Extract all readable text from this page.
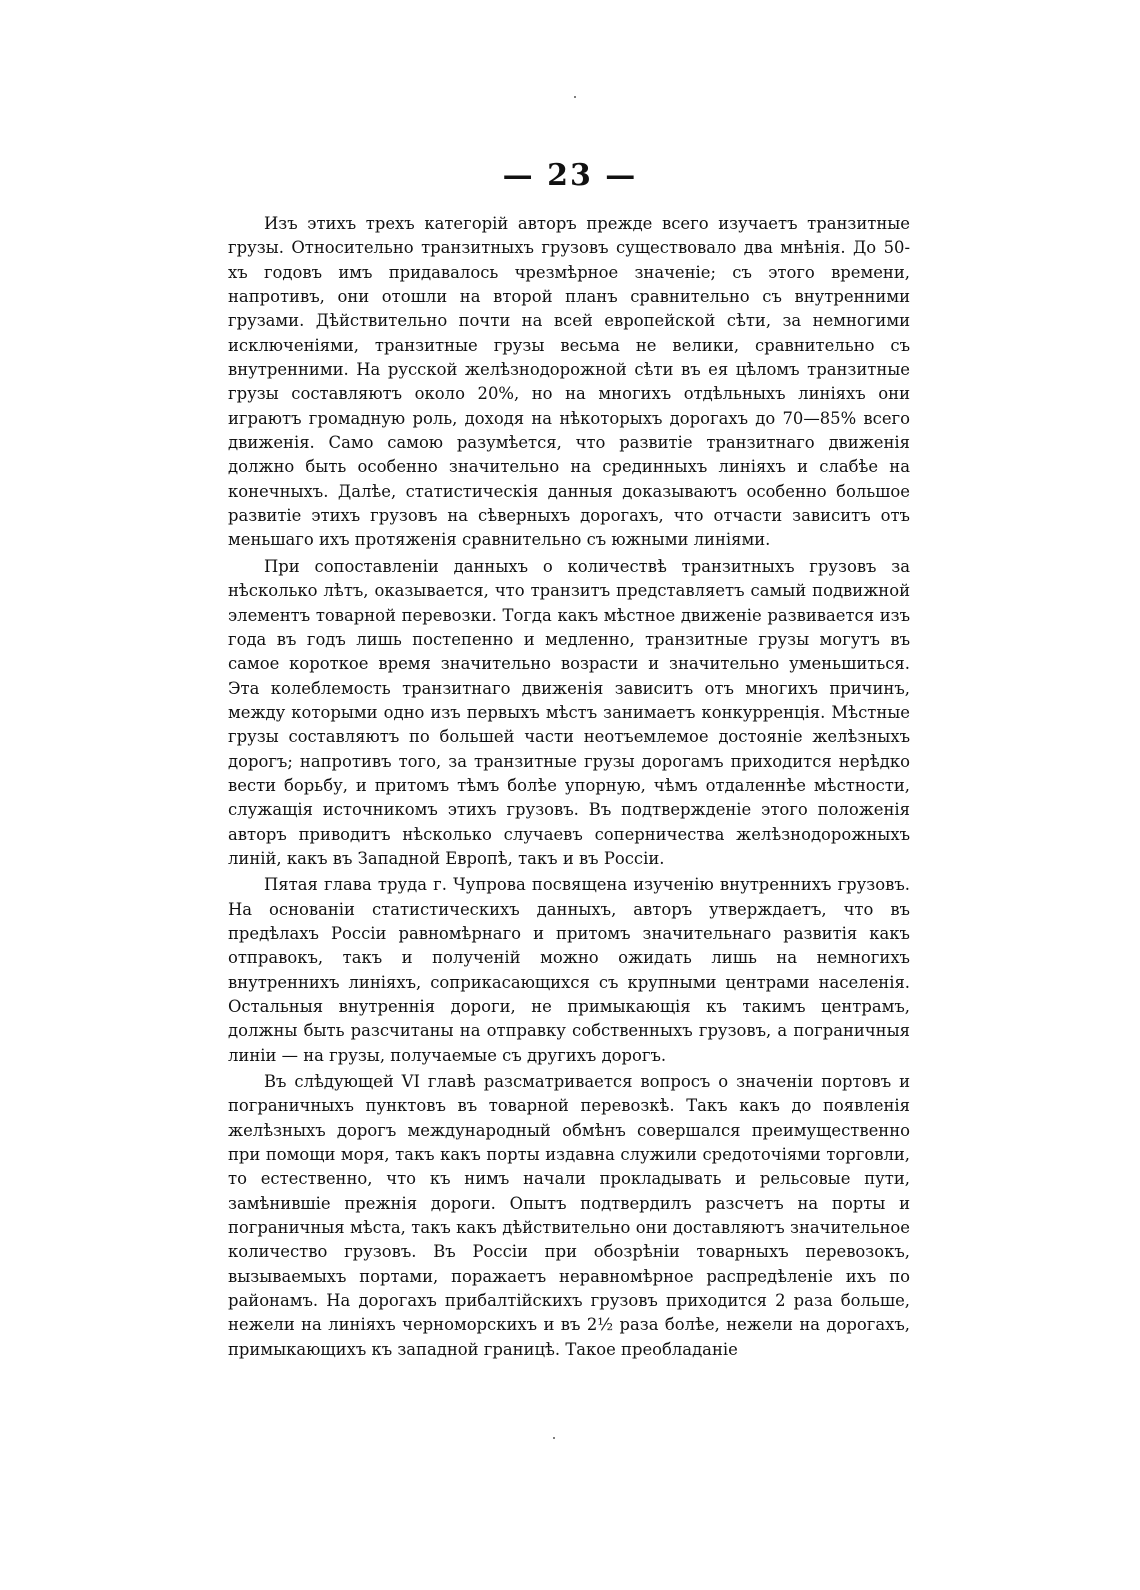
— 23 —

Изъ этихъ трехъ категорій авторъ прежде всего изучаетъ транзитные грузы. Относительно транзитныхъ грузовъ существовало два мнѣнія. До 50-хъ годовъ имъ придавалось чрезмѣрное значеніе; съ этого времени, напротивъ, они отошли на второй планъ сравнительно съ внутренними грузами. Дѣйствительно почти на всей европейской сѣти, за немногими исключеніями, транзитные грузы весьма не велики, сравнительно съ внутренними. На русской желѣзнодорожной сѣти въ ея цѣломъ транзитные грузы составляютъ около 20%, но на многихъ отдѣльныхъ линіяхъ они играютъ громадную роль, доходя на нѣкоторыхъ дорогахъ до 70—85% всего движенія. Само самою разумѣется, что развитіе транзитнаго движенія должно быть особенно значительно на срединныхъ линіяхъ и слабѣе на конечныхъ. Далѣе, статистическія данныя доказываютъ особенно большое развитіе этихъ грузовъ на сѣверныхъ дорогахъ, что отчасти зависитъ отъ меньшаго ихъ протяженія сравнительно съ южными линіями.

При сопоставленіи данныхъ о количествѣ транзитныхъ грузовъ за нѣсколько лѣтъ, оказывается, что транзитъ представляетъ самый подвижной элементъ товарной перевозки. Тогда какъ мѣстное движеніе развивается изъ года въ годъ лишь постепенно и медленно, транзитные грузы могутъ въ самое короткое время значительно возрасти и значительно уменьшиться. Эта колеблемость транзитнаго движенія зависитъ отъ многихъ причинъ, между которыми одно изъ первыхъ мѣстъ занимаетъ конкурренція. Мѣстные грузы составляютъ по большей части неотъемлемое достояніе желѣзныхъ дорогъ; напротивъ того, за транзитные грузы дорогамъ приходится нерѣдко вести борьбу, и притомъ тѣмъ болѣе упорную, чѣмъ отдаленнѣе мѣстности, служащія источникомъ этихъ грузовъ. Въ подтвержденіе этого положенія авторъ приводитъ нѣсколько случаевъ соперничества желѣзнодорожныхъ линій, какъ въ Западной Европѣ, такъ и въ Россіи.

Пятая глава труда г. Чупрова посвящена изученію внутреннихъ грузовъ. На основаніи статистическихъ данныхъ, авторъ утверждаетъ, что въ предѣлахъ Россіи равномѣрнаго и притомъ значительнаго развитія какъ отправокъ, такъ и полученій можно ожидать лишь на немногихъ внутреннихъ линіяхъ, соприкасающихся съ крупными центрами населенія. Остальныя внутреннія дороги, не примыкающія къ такимъ центрамъ, должны быть разсчитаны на отправку собственныхъ грузовъ, а пограничныя линіи — на грузы, получаемые съ другихъ дорогъ.

Въ слѣдующей VI главѣ разсматривается вопросъ о значеніи портовъ и пограничныхъ пунктовъ въ товарной перевозкѣ. Такъ какъ до появленія желѣзныхъ дорогъ международный обмѣнъ совершался преимущественно при помощи моря, такъ какъ порты издавна служили средоточіями торговли, то естественно, что къ нимъ начали прокладывать и рельсовые пути, замѣнившіе прежнія дороги. Опытъ подтвердилъ разсчетъ на порты и пограничныя мѣста, такъ какъ дѣйствительно они доставляютъ значительное количество грузовъ. Въ Россіи при обозрѣніи товарныхъ перевозокъ, вызываемыхъ портами, поражаетъ неравномѣрное распредѣленіе ихъ по районамъ. На дорогахъ прибалтійскихъ грузовъ приходится 2 раза больше, нежели на линіяхъ черноморскихъ и въ 2½ раза болѣе, нежели на дорогахъ, примыкающихъ къ западной границѣ. Такое преобладаніе
